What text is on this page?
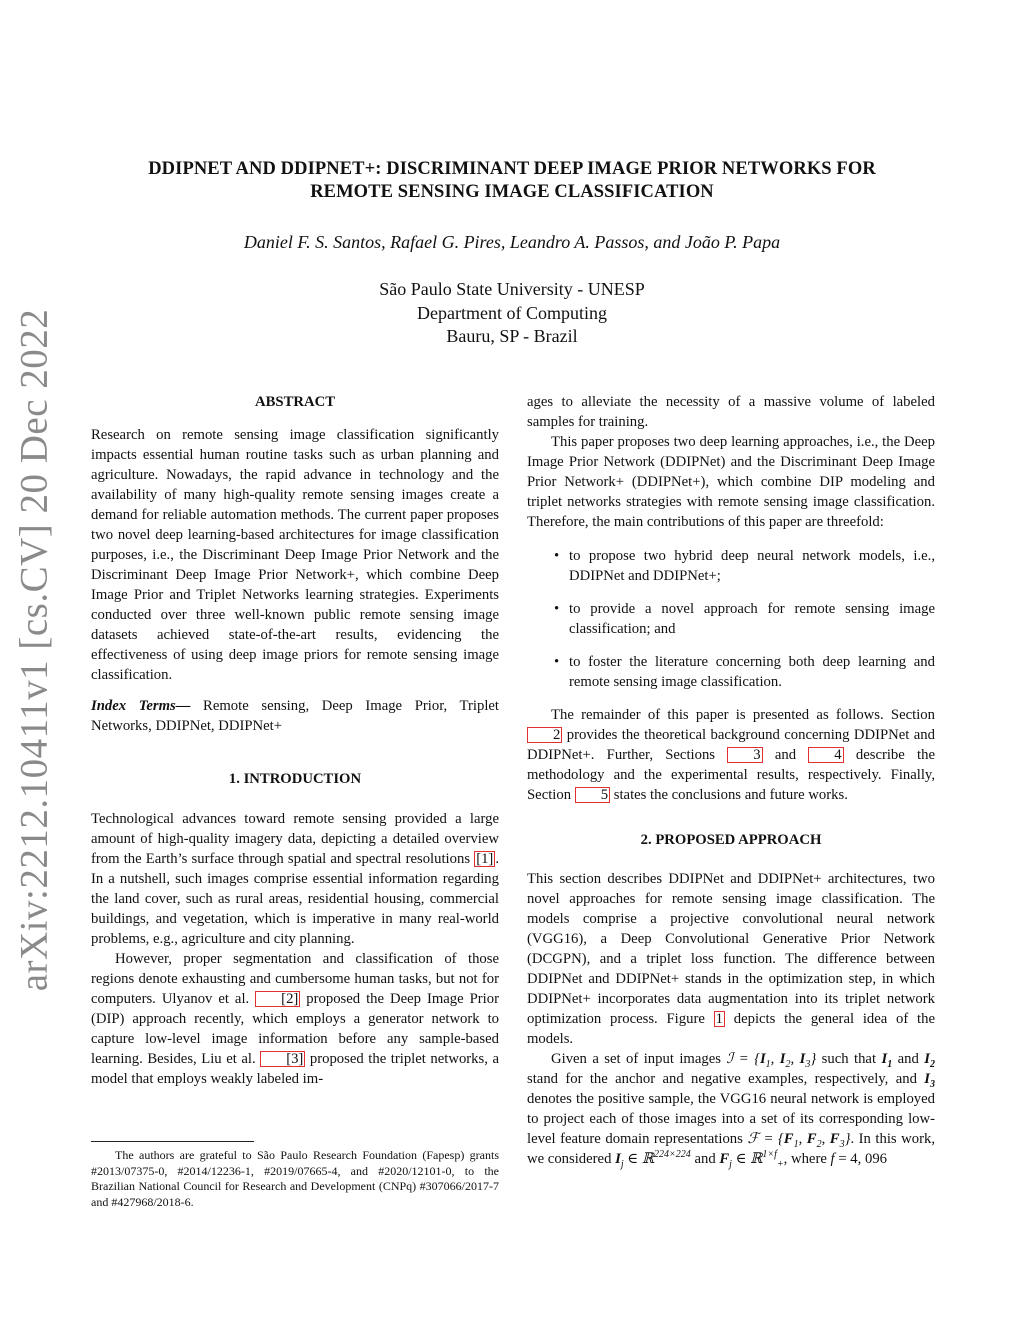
arXiv:2212.10411v1 [cs.CV] 20 Dec 2022
DDIPNET AND DDIPNET+: DISCRIMINANT DEEP IMAGE PRIOR NETWORKS FOR
REMOTE SENSING IMAGE CLASSIFICATION
Daniel F. S. Santos, Rafael G. Pires, Leandro A. Passos, and João P. Papa
São Paulo State University - UNESP
Department of Computing
Bauru, SP - Brazil
ABSTRACT

Research on remote sensing image classification significantly impacts essential human routine tasks such as urban planning and agriculture. Nowadays, the rapid advance in technology and the availability of many high-quality remote sensing images create a demand for reliable automation methods. The current paper proposes two novel deep learning-based architectures for image classification purposes, i.e., the Discriminant Deep Image Prior Network and the Discriminant Deep Image Prior Network+, which combine Deep Image Prior and Triplet Networks learning strategies. Experiments conducted over three well-known public remote sensing image datasets achieved state-of-the-art results, evidencing the effectiveness of using deep image priors for remote sensing image classification.

Index Terms— Remote sensing, Deep Image Prior, Triplet Networks, DDIPNet, DDIPNet+

1. INTRODUCTION

Technological advances toward remote sensing provided a large amount of high-quality imagery data, depicting a detailed overview from the Earth’s surface through spatial and spectral resolutions [1] . In a nutshell, such images comprise essential information regarding the land cover, such as rural areas, residential housing, commercial buildings, and vegetation, which is imperative in many real-world problems, e.g., agriculture and city planning.

However, proper segmentation and classification of those regions denote exhausting and cumbersome human tasks, but not for computers. Ulyanov et al. [2] proposed the Deep Image Prior (DIP) approach recently, which employs a generator network to capture low-level image information before any sample-based learning. Besides, Liu et al. [3] proposed the triplet networks, a model that employs weakly labeled im-

The authors are grateful to São Paulo Research Foundation (Fapesp) grants #2013/07375-0, #2014/12236-1, #2019/07665-4, and #2020/12101-0, to the Brazilian National Council for Research and Development (CNPq) #307066/2017-7 and #427968/2018-6.

ages to alleviate the necessity of a massive volume of labeled samples for training.

This paper proposes two deep learning approaches, i.e., the Deep Image Prior Network (DDIPNet) and the Discriminant Deep Image Prior Network+ (DDIPNet+), which combine DIP modeling and triplet networks strategies with remote sensing image classification. Therefore, the main contributions of this paper are threefold:

• to propose two hybrid deep neural network models, i.e., DDIPNet and DDIPNet+;
• to provide a novel approach for remote sensing image classification; and
• to foster the literature concerning both deep learning and remote sensing image classification.

The remainder of this paper is presented as follows. Section 2 provides the theoretical background concerning DDIPNet and DDIPNet+. Further, Sections 3 and 4 describe the methodology and the experimental results, respectively. Finally, Section 5 states the conclusions and future works.

2. PROPOSED APPROACH

This section describes DDIPNet and DDIPNet+ architectures, two novel approaches for remote sensing image classification. The models comprise a projective convolutional neural network (VGG16), a Deep Convolutional Generative Prior Network (DCGPN), and a triplet loss function. The difference between DDIPNet and DDIPNet+ stands in the optimization step, in which DDIPNet+ incorporates data augmentation into its triplet network optimization process. Figure 1 depicts the general idea of the models.

Given a set of input images ℐ = {$I_1$, $I_2$, $I_3$} such that $I_1$ and $I_2$ stand for the anchor and negative examples, respectively, and $I_3$ denotes the positive sample, the VGG16 neural network is employed to project each of those images into a set of its corresponding low-level feature domain representations ℱ = {$F_1$, $F_2$, $F_3$}. In this work, we considered $I_j$ ∈ ℝ$^{224\times 224}$ and $F_j$ ∈ ℝ$^{1\times f}_+$, where f = 4, 096
